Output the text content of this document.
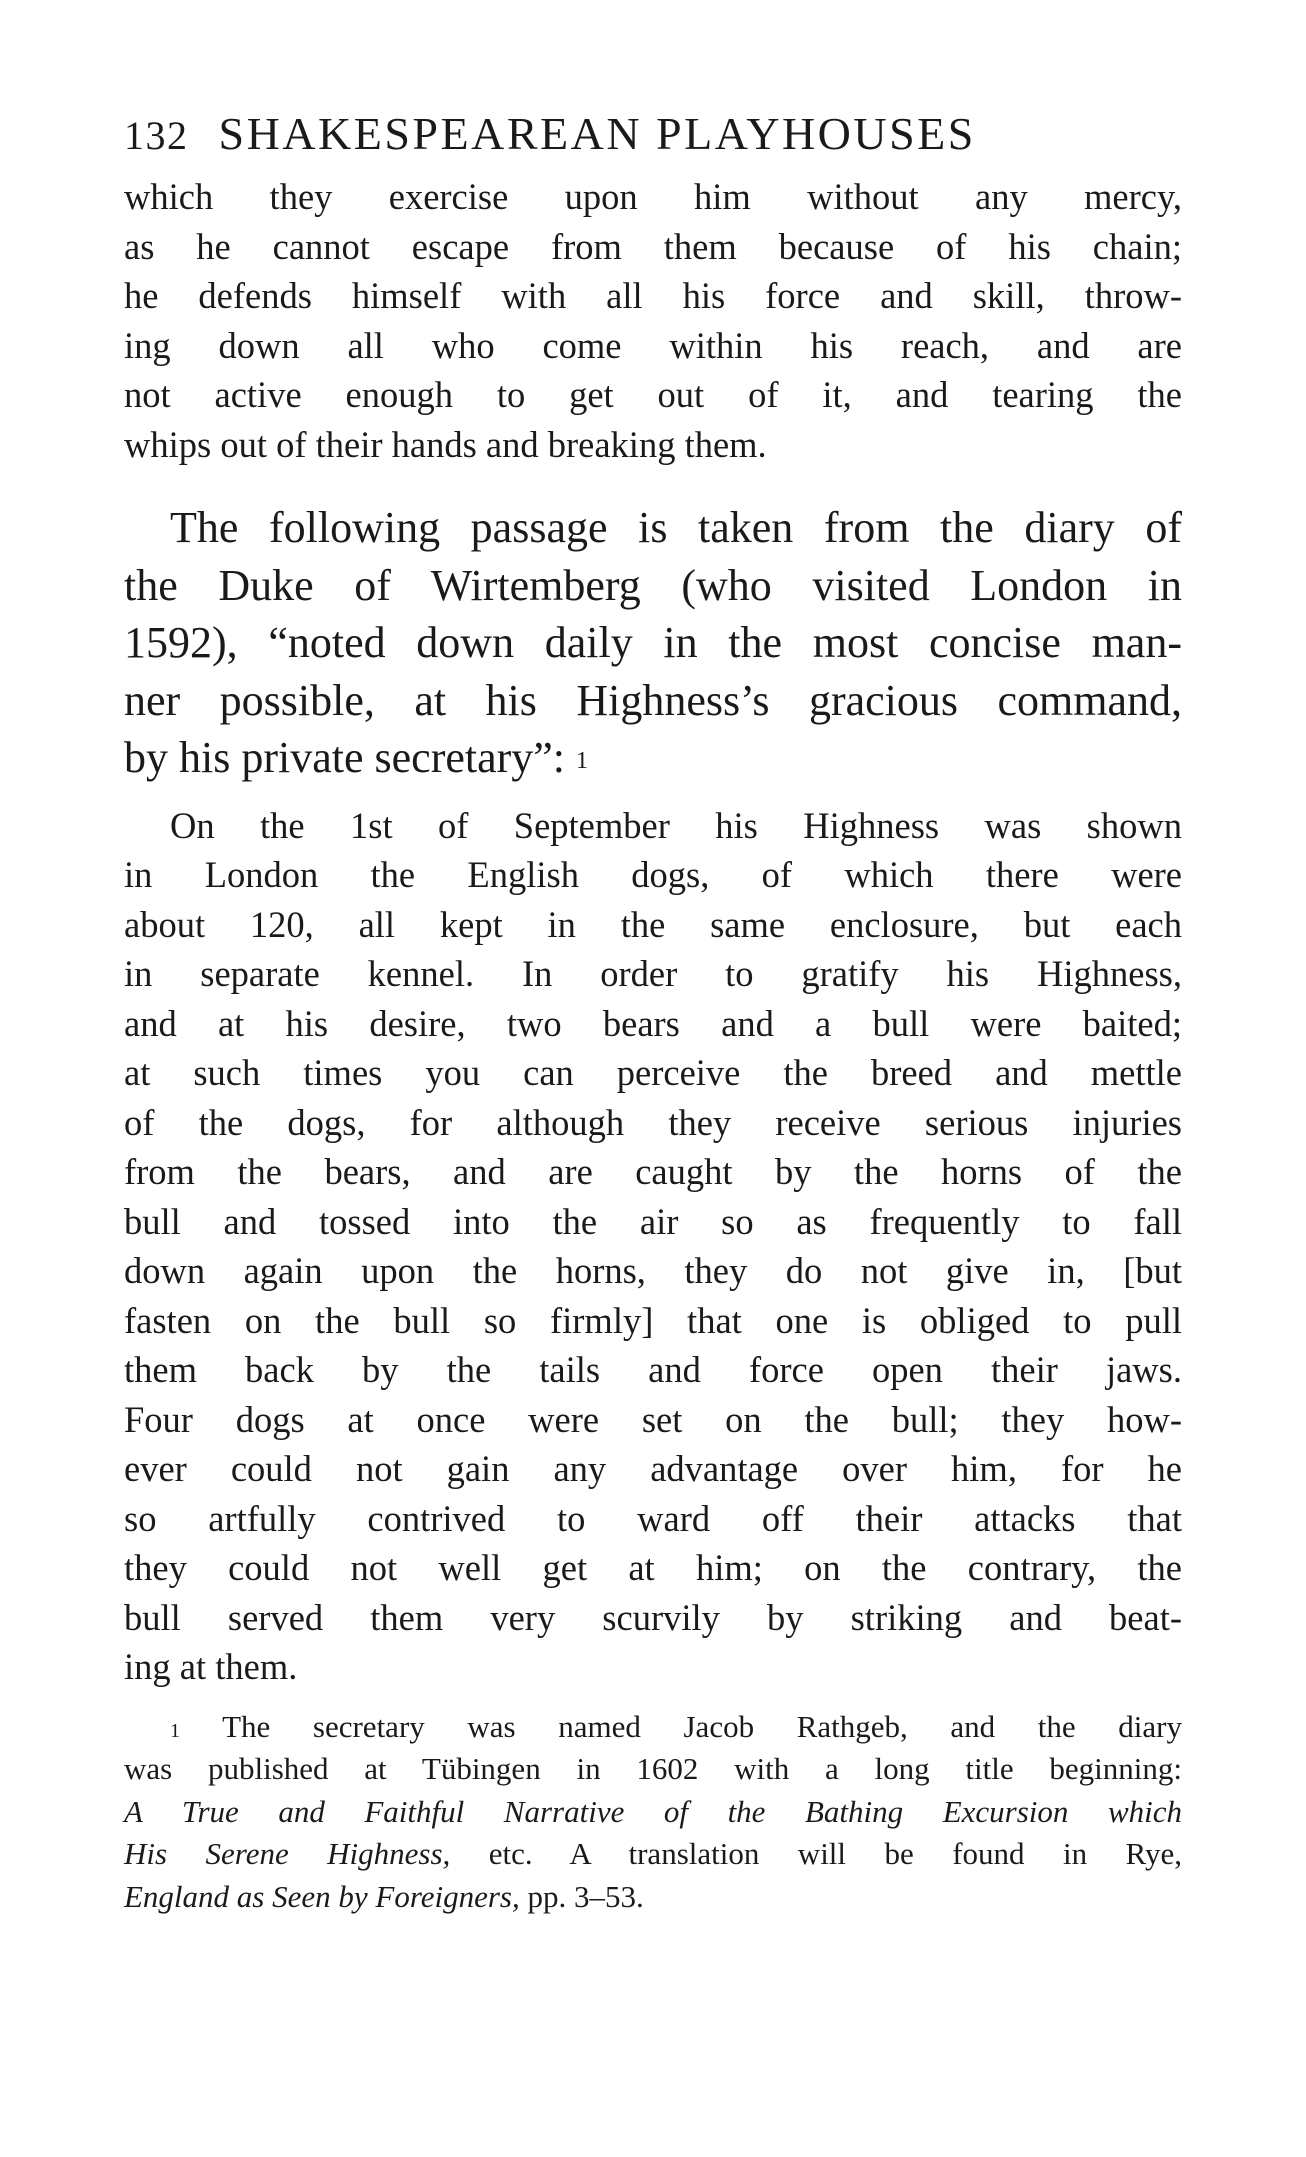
132 SHAKESPEAREAN PLAYHOUSES
which they exercise upon him without any mercy,
as he cannot escape from them because of his chain;
he defends himself with all his force and skill, throw-
ing down all who come within his reach, and are
not active enough to get out of it, and tearing the
whips out of their hands and breaking them.
The following passage is taken from the diary of
the Duke of Wirtemberg (who visited London in
1592), “noted down daily in the most concise man-
ner possible, at his Highness’s gracious command,
by his private secretary”: $^1$
On the 1st of September his Highness was shown
in London the English dogs, of which there were
about 120, all kept in the same enclosure, but each
in separate kennel. In order to gratify his Highness,
and at his desire, two bears and a bull were baited;
at such times you can perceive the breed and mettle
of the dogs, for although they receive serious injuries
from the bears, and are caught by the horns of the
bull and tossed into the air so as frequently to fall
down again upon the horns, they do not give in, [but
fasten on the bull so firmly] that one is obliged to pull
them back by the tails and force open their jaws.
Four dogs at once were set on the bull; they how-
ever could not gain any advantage over him, for he
so artfully contrived to ward off their attacks that
they could not well get at him; on the contrary, the
bull served them very scurvily by striking and beat-
ing at them.
$^1$ The secretary was named Jacob Rathgeb, and the diary
was published at Tübingen in 1602 with a long title beginning:
A True and Faithful Narrative of the Bathing Excursion which
His Serene Highness, etc. A translation will be found in Rye,
England as Seen by Foreigners, pp. 3–53.
